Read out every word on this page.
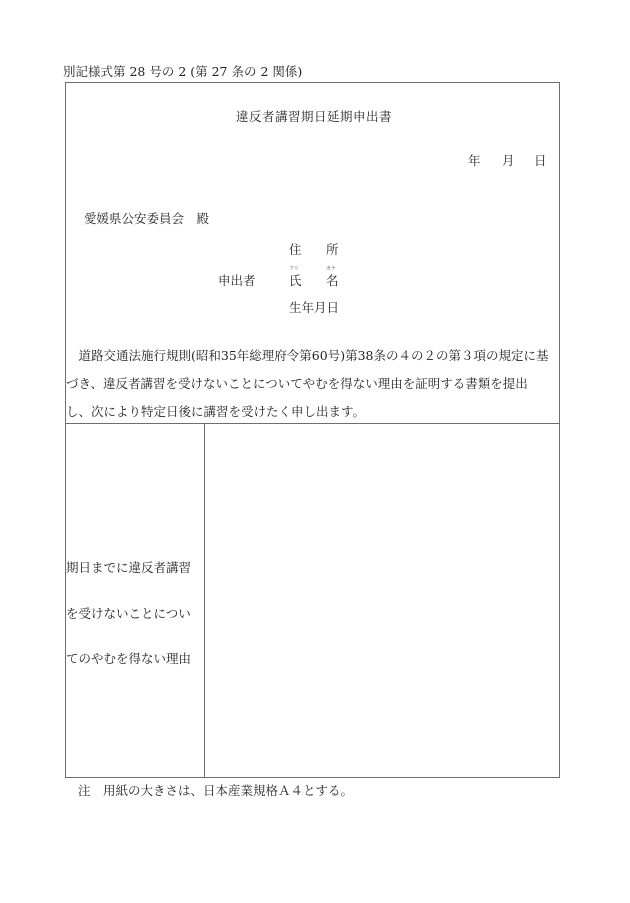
別記様式第 28 号の 2 (第 27 条の 2 関係)
違反者講習期日延期申出書
年 月 日
愛媛県公安委員会　殿
住 所
申出者
フリ
氏
ガナ
名
生年月日
　道路交通法施行規則(昭和35年総理府令第60号)第38条の４の２の第３項の規定に基
づき、違反者講習を受けないことについてやむを得ない理由を証明する書類を提出
し、次により特定日後に講習を受けたく申し出ます。
期日までに違反者講習
を受けないことについ
てのやむを得ない理由
注　用紙の大きさは、日本産業規格Ａ４とする。
